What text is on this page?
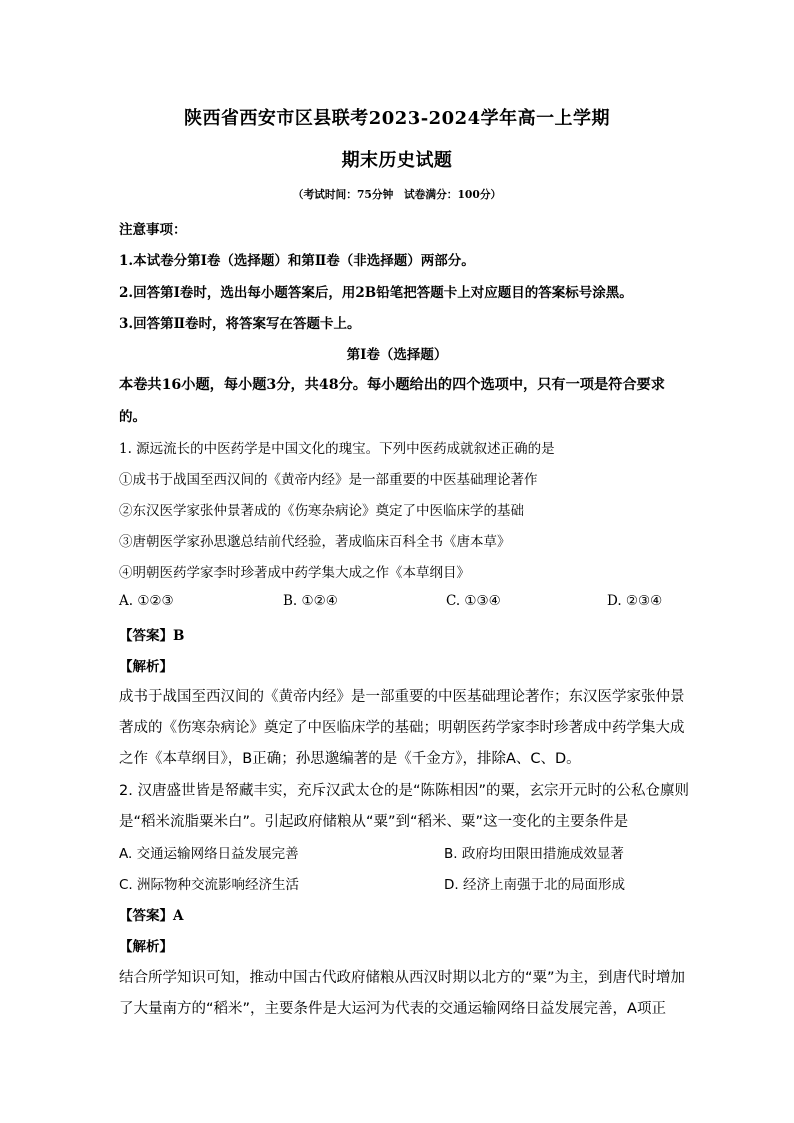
陕西省西安市区县联考2023-2024学年高一上学期
期末历史试题
（考试时间：75分钟　试卷满分：100分）
注意事项：
1.本试卷分第Ⅰ卷（选择题）和第Ⅱ卷（非选择题）两部分。
2.回答第Ⅰ卷时，选出每小题答案后，用2B铅笔把答题卡上对应题目的答案标号涂黑。
3.回答第Ⅱ卷时，将答案写在答题卡上。
第Ⅰ卷（选择题）
本卷共16小题，每小题3分，共48分。每小题给出的四个选项中，只有一项是符合要求
的。
1. 源远流长的中医药学是中国文化的瑰宝。下列中医药成就叙述正确的是
①成书于战国至西汉间的《黄帝内经》是一部重要的中医基础理论著作
②东汉医学家张仲景著成的《伤寒杂病论》奠定了中医临床学的基础
③唐朝医学家孙思邈总结前代经验，著成临床百科全书《唐本草》
④明朝医药学家李时珍著成中药学集大成之作《本草纲目》
A. ①②③	B. ①②④	C. ①③④	D. ②③④
【答案】B
【解析】
成书于战国至西汉间的《黄帝内经》是一部重要的中医基础理论著作；东汉医学家张仲景
著成的《伤寒杂病论》奠定了中医临床学的基础；明朝医药学家李时珍著成中药学集大成
之作《本草纲目》，B正确；孙思邈编著的是《千金方》，排除A、C、D。
2. 汉唐盛世皆是帑藏丰实，充斥汉武太仓的是“陈陈相因”的粟，玄宗开元时的公私仓廪则
是“稻米流脂粟米白”。引起政府储粮从“粟”到“稻米、粟”这一变化的主要条件是
A. 交通运输网络日益发展完善	B. 政府均田限田措施成效显著
C. 洲际物种交流影响经济生活	D. 经济上南强于北的局面形成
【答案】A
【解析】
结合所学知识可知，推动中国古代政府储粮从西汉时期以北方的“粟”为主，到唐代时增加
了大量南方的“稻米”，主要条件是大运河为代表的交通运输网络日益发展完善，A项正
